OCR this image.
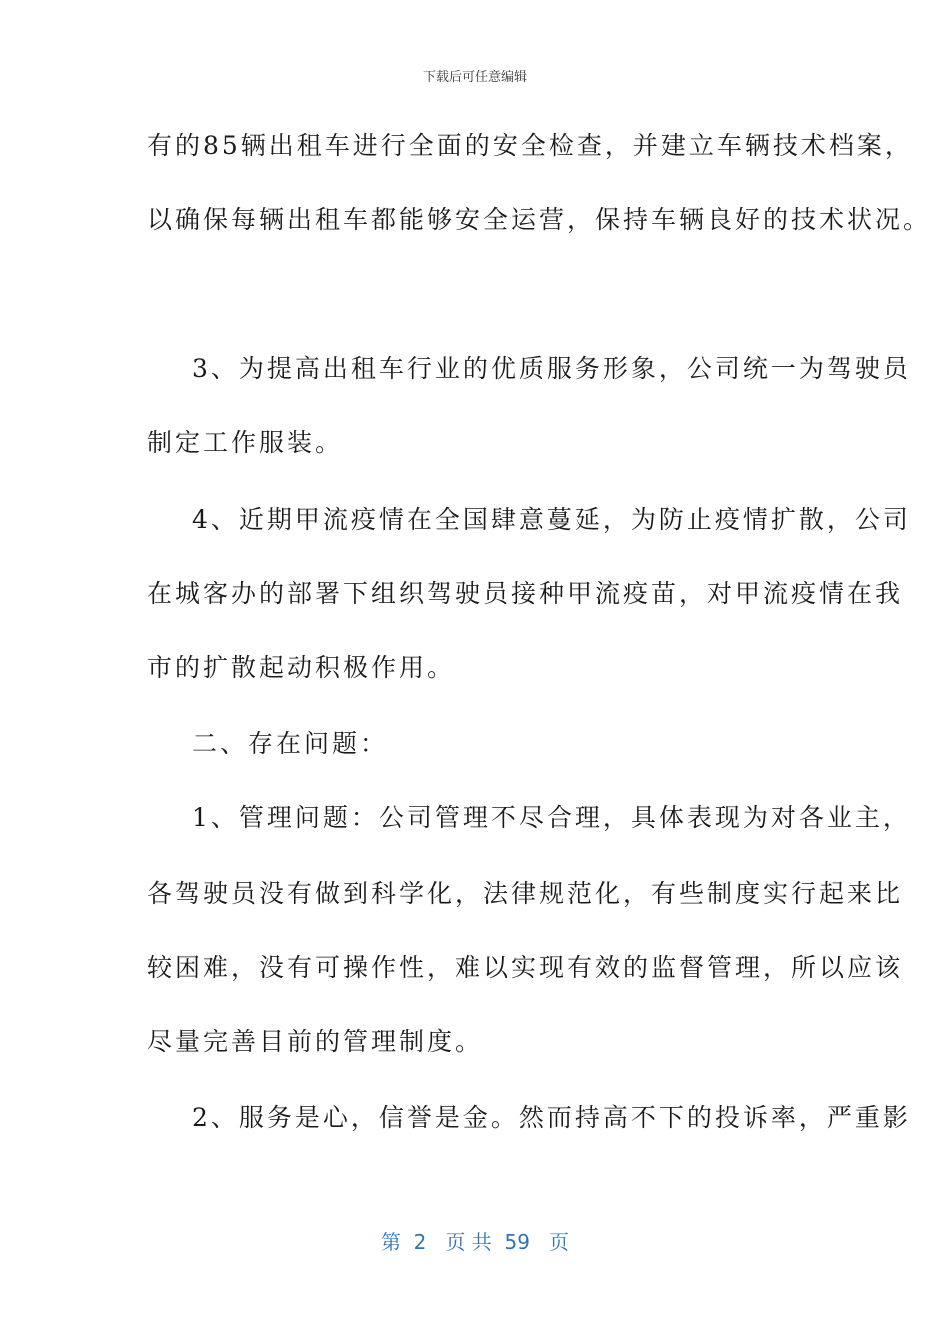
下载后可任意编辑
有的85辆出租车进行全面的安全检查，并建立车辆技术档案，
以确保每辆出租车都能够安全运营，保持车辆良好的技术状况。
3、为提高出租车行业的优质服务形象，公司统一为驾驶员
制定工作服装。
4、近期甲流疫情在全国肆意蔓延，为防止疫情扩散，公司
在城客办的部署下组织驾驶员接种甲流疫苗，对甲流疫情在我
市的扩散起动积极作用。
二、存在问题：
1、管理问题：公司管理不尽合理，具体表现为对各业主，
各驾驶员没有做到科学化，法律规范化，有些制度实行起来比
较困难，没有可操作性，难以实现有效的监督管理，所以应该
尽量完善目前的管理制度。
2、服务是心，信誉是金。然而持高不下的投诉率，严重影
第  2   页 共  59   页
